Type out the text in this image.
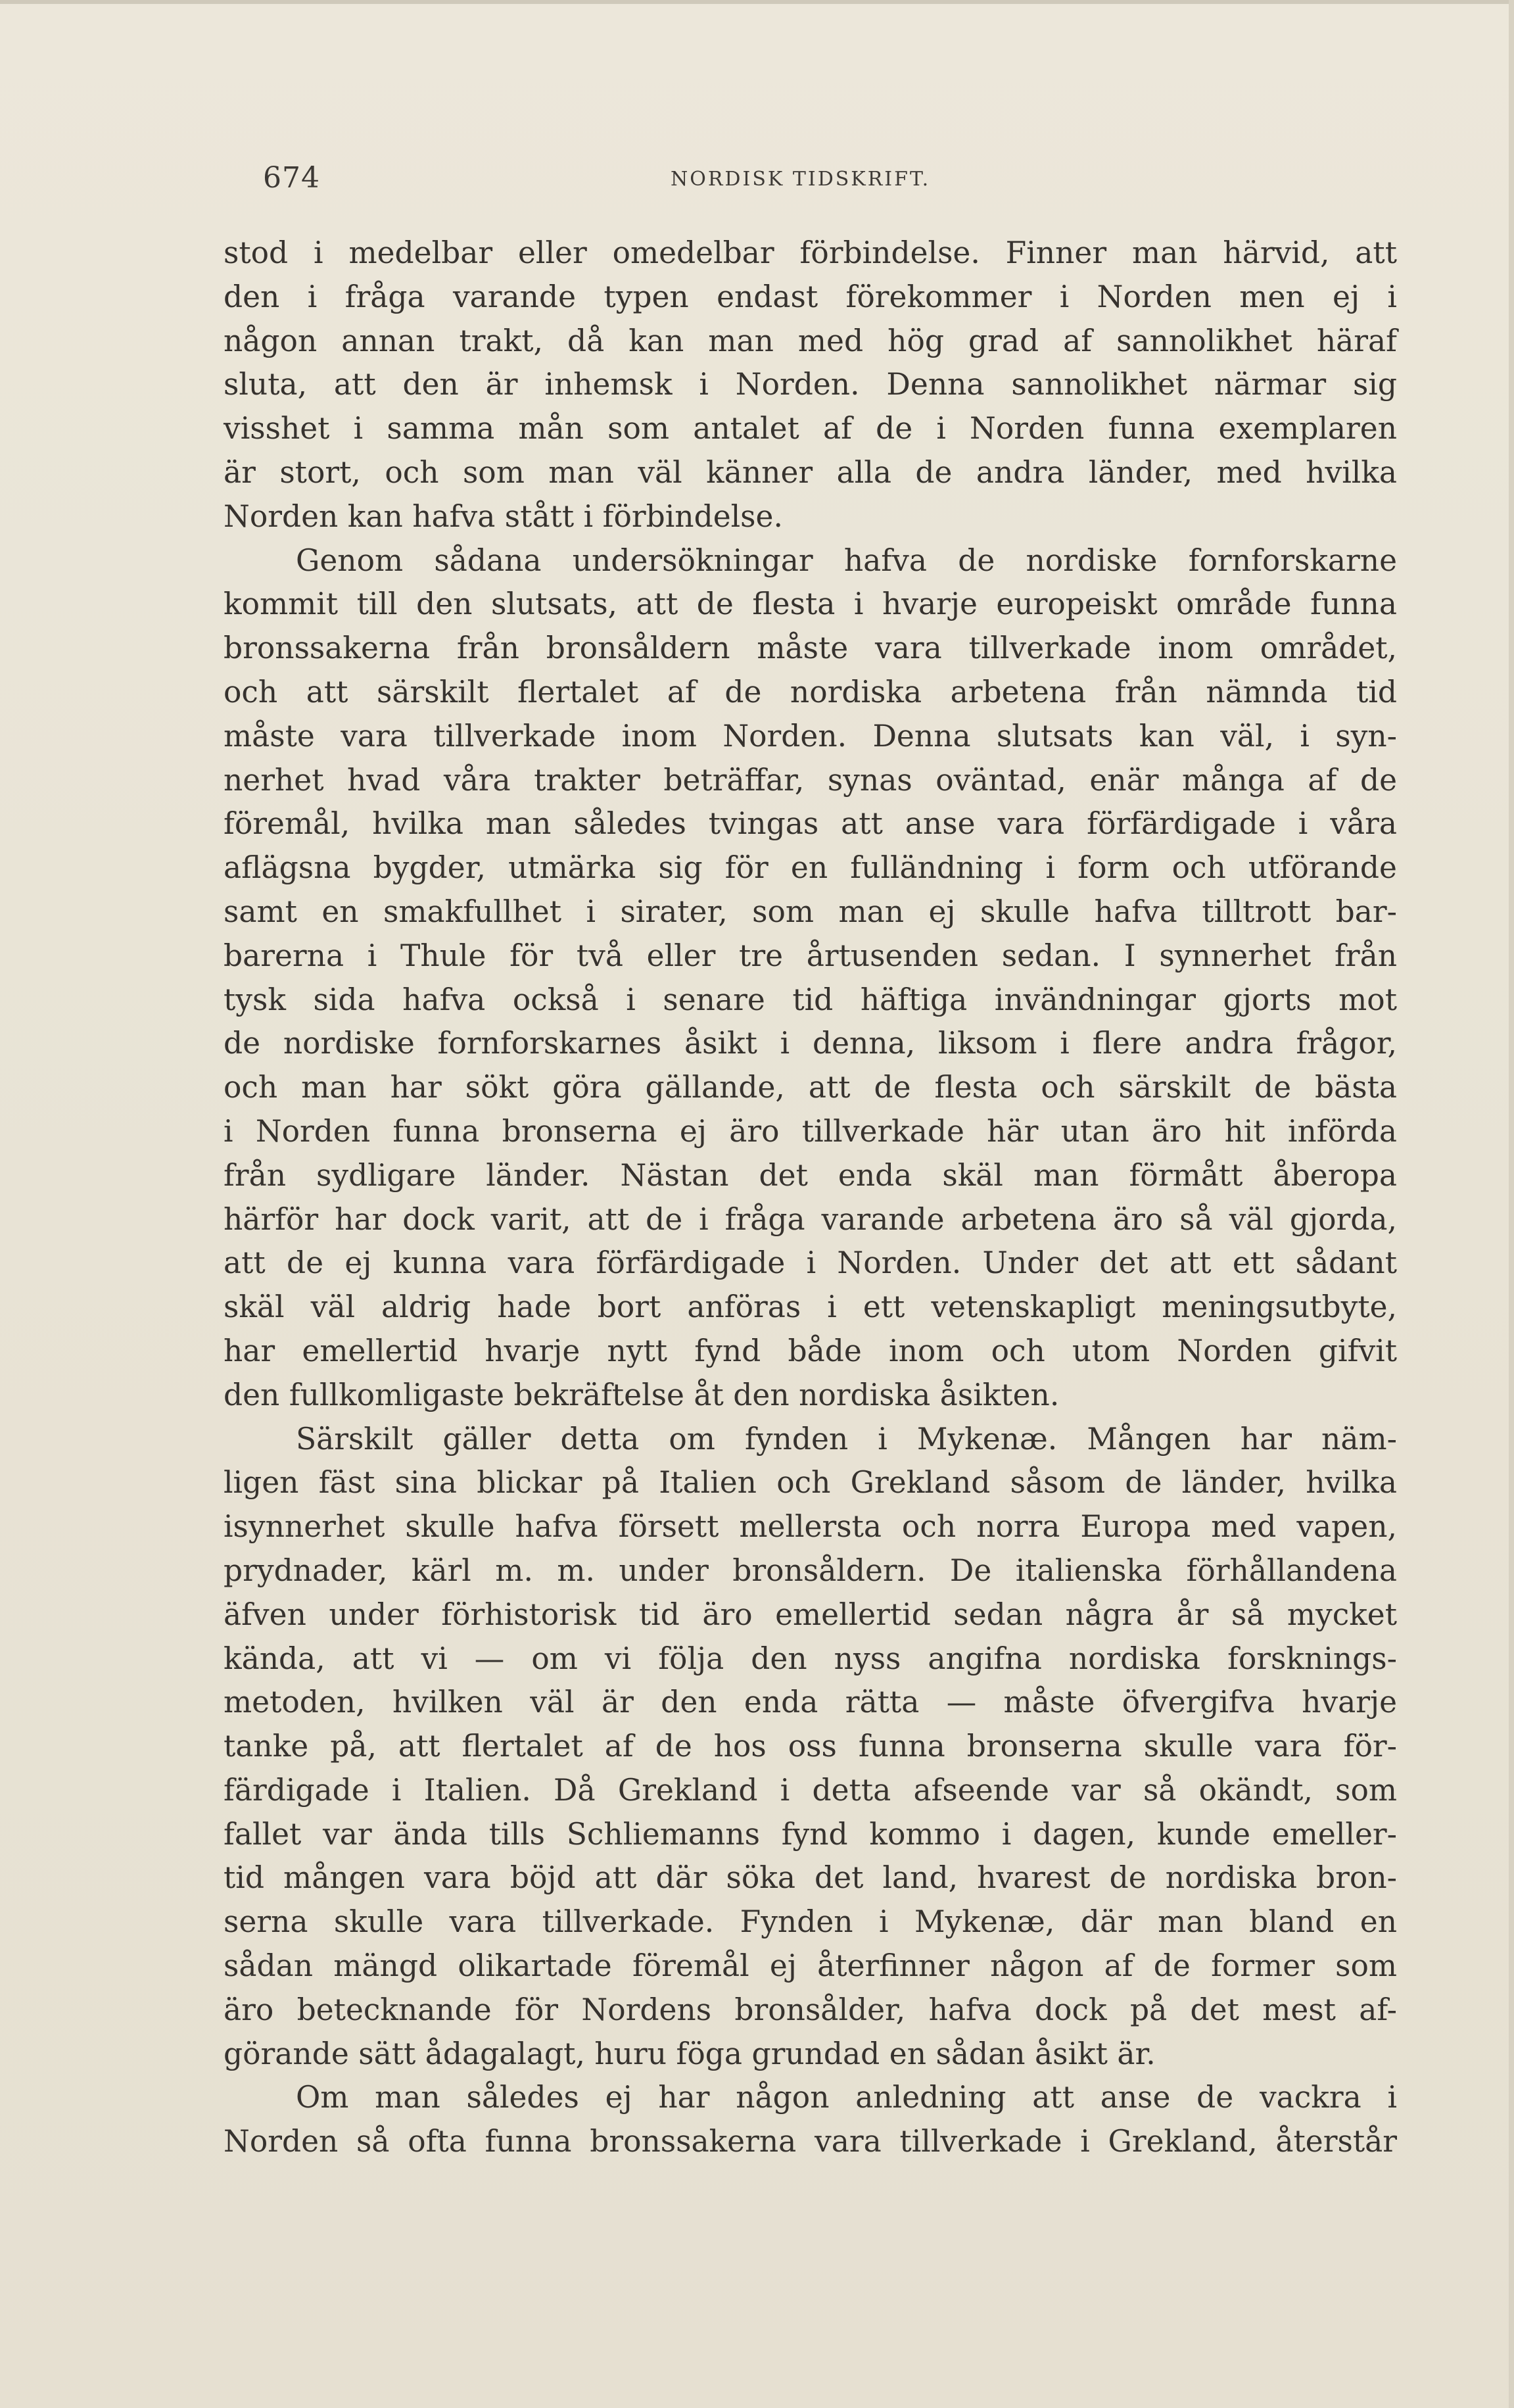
674	NORDISK TIDSKRIFT.
stod i medelbar eller omedelbar förbindelse. Finner man härvid, att
den i fråga varande typen endast förekommer i Norden men ej i
någon annan trakt, då kan man med hög grad af sannolikhet häraf
sluta, att den är inhemsk i Norden. Denna sannolikhet närmar sig
visshet i samma mån som antalet af de i Norden funna exemplaren
är stort, och som man väl känner alla de andra länder, med hvilka
Norden kan hafva stått i förbindelse.
Genom sådana undersökningar hafva de nordiske fornforskarne
kommit till den slutsats, att de flesta i hvarje europeiskt område funna
bronssakerna från bronsåldern måste vara tillverkade inom området,
och att särskilt flertalet af de nordiska arbetena från nämnda tid
måste vara tillverkade inom Norden. Denna slutsats kan väl, i syn-
nerhet hvad våra trakter beträffar, synas oväntad, enär många af de
föremål, hvilka man således tvingas att anse vara förfärdigade i våra
aflägsna bygder, utmärka sig för en fulländning i form och utförande
samt en smakfullhet i sirater, som man ej skulle hafva tilltrott bar-
barerna i Thule för två eller tre årtusenden sedan. I synnerhet från
tysk sida hafva också i senare tid häftiga invändningar gjorts mot
de nordiske fornforskarnes åsikt i denna, liksom i flere andra frågor,
och man har sökt göra gällande, att de flesta och särskilt de bästa
i Norden funna bronserna ej äro tillverkade här utan äro hit införda
från sydligare länder. Nästan det enda skäl man förmått åberopa
härför har dock varit, att de i fråga varande arbetena äro så väl gjorda,
att de ej kunna vara förfärdigade i Norden. Under det att ett sådant
skäl väl aldrig hade bort anföras i ett vetenskapligt meningsutbyte,
har emellertid hvarje nytt fynd både inom och utom Norden gifvit
den fullkomligaste bekräftelse åt den nordiska åsikten.
Särskilt gäller detta om fynden i Mykenæ. Mången har näm-
ligen fäst sina blickar på Italien och Grekland såsom de länder, hvilka
isynnerhet skulle hafva försett mellersta och norra Europa med vapen,
prydnader, kärl m. m. under bronsåldern. De italienska förhållandena
äfven under förhistorisk tid äro emellertid sedan några år så mycket
kända, att vi — om vi följa den nyss angifna nordiska forsknings-
metoden, hvilken väl är den enda rätta — måste öfvergifva hvarje
tanke på, att flertalet af de hos oss funna bronserna skulle vara för-
färdigade i Italien. Då Grekland i detta afseende var så okändt, som
fallet var ända tills Schliemanns fynd kommo i dagen, kunde emeller-
tid mången vara böjd att där söka det land, hvarest de nordiska bron-
serna skulle vara tillverkade. Fynden i Mykenæ, där man bland en
sådan mängd olikartade föremål ej återfinner någon af de former som
äro betecknande för Nordens bronsålder, hafva dock på det mest af-
görande sätt ådagalagt, huru föga grundad en sådan åsikt är.
Om man således ej har någon anledning att anse de vackra i
Norden så ofta funna bronssakerna vara tillverkade i Grekland, återstår
